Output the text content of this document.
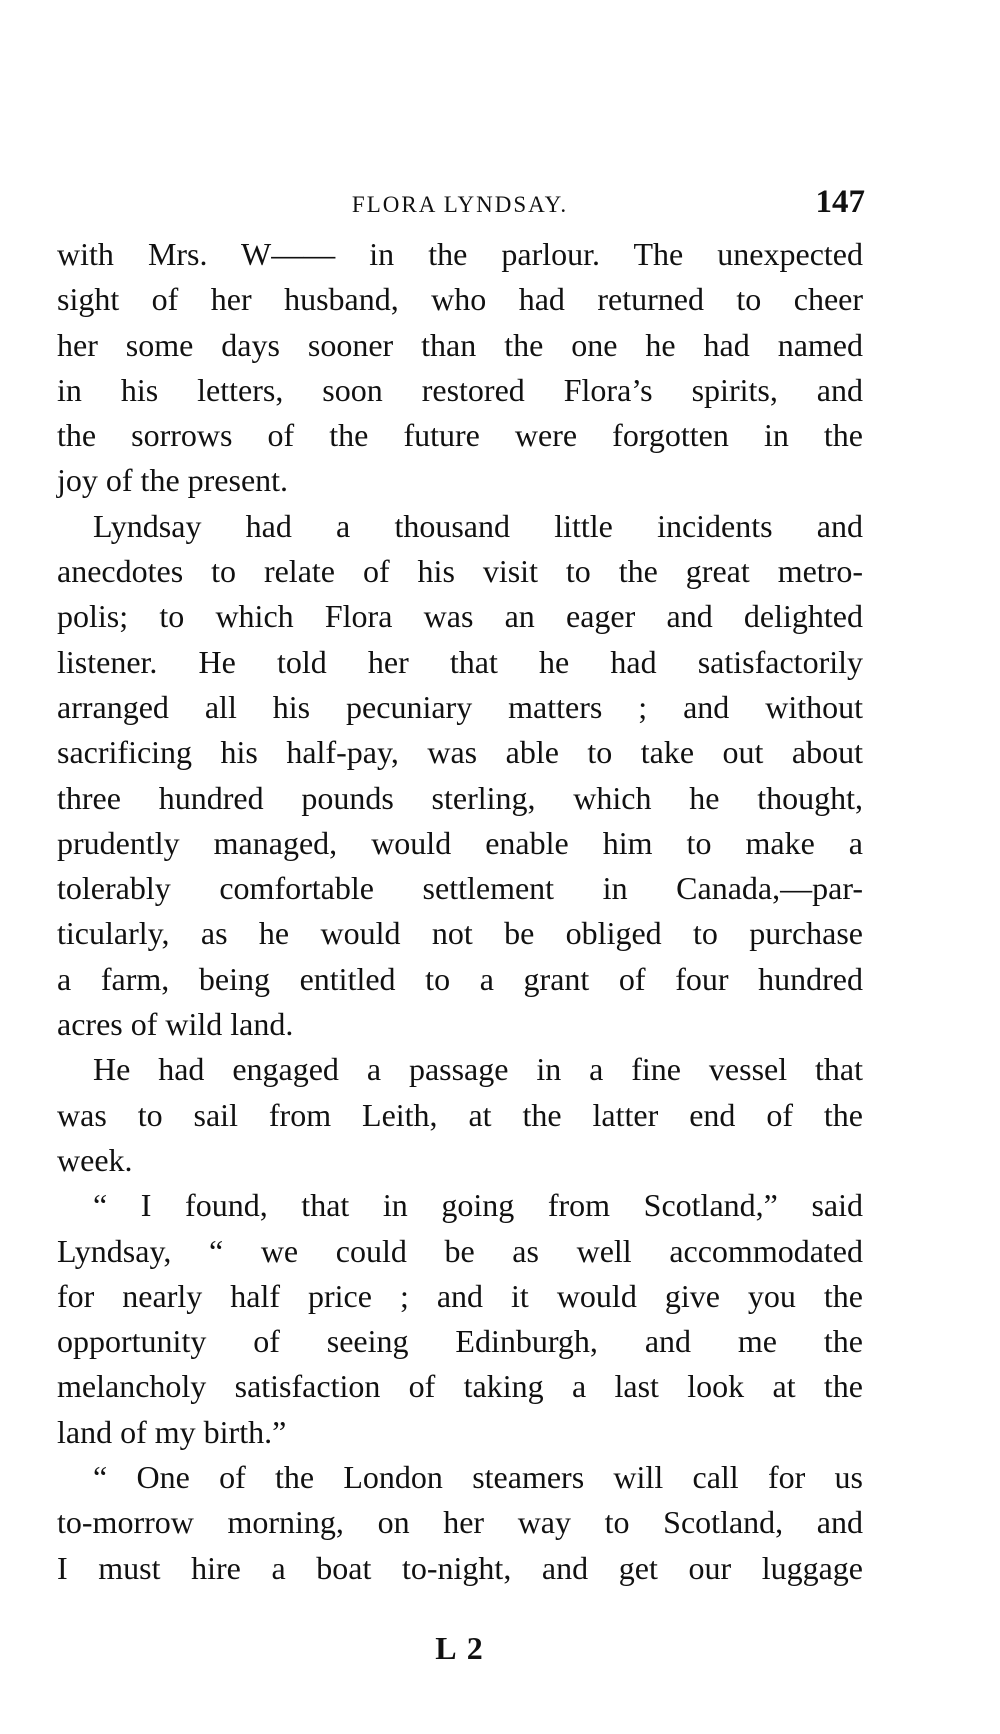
FLORA LYNDSAY.	147
with Mrs. W—— in the parlour. The unexpected
sight of her husband, who had returned to cheer
her some days sooner than the one he had named
in his letters, soon restored Flora’s spirits, and
the sorrows of the future were forgotten in the
joy of the present.
Lyndsay had a thousand little incidents and
anecdotes to relate of his visit to the great metro-
polis; to which Flora was an eager and delighted
listener. He told her that he had satisfactorily
arranged all his pecuniary matters ; and without
sacrificing his half-pay, was able to take out about
three hundred pounds sterling, which he thought,
prudently managed, would enable him to make a
tolerably comfortable settlement in Canada,—par-
ticularly, as he would not be obliged to purchase
a farm, being entitled to a grant of four hundred
acres of wild land.
He had engaged a passage in a fine vessel that
was to sail from Leith, at the latter end of the
week.
“ I found, that in going from Scotland,” said
Lyndsay, “ we could be as well accommodated
for nearly half price ; and it would give you the
opportunity of seeing Edinburgh, and me the
melancholy satisfaction of taking a last look at the
land of my birth.”
“ One of the London steamers will call for us
to-morrow morning, on her way to Scotland, and
I must hire a boat to-night, and get our luggage
L 2
